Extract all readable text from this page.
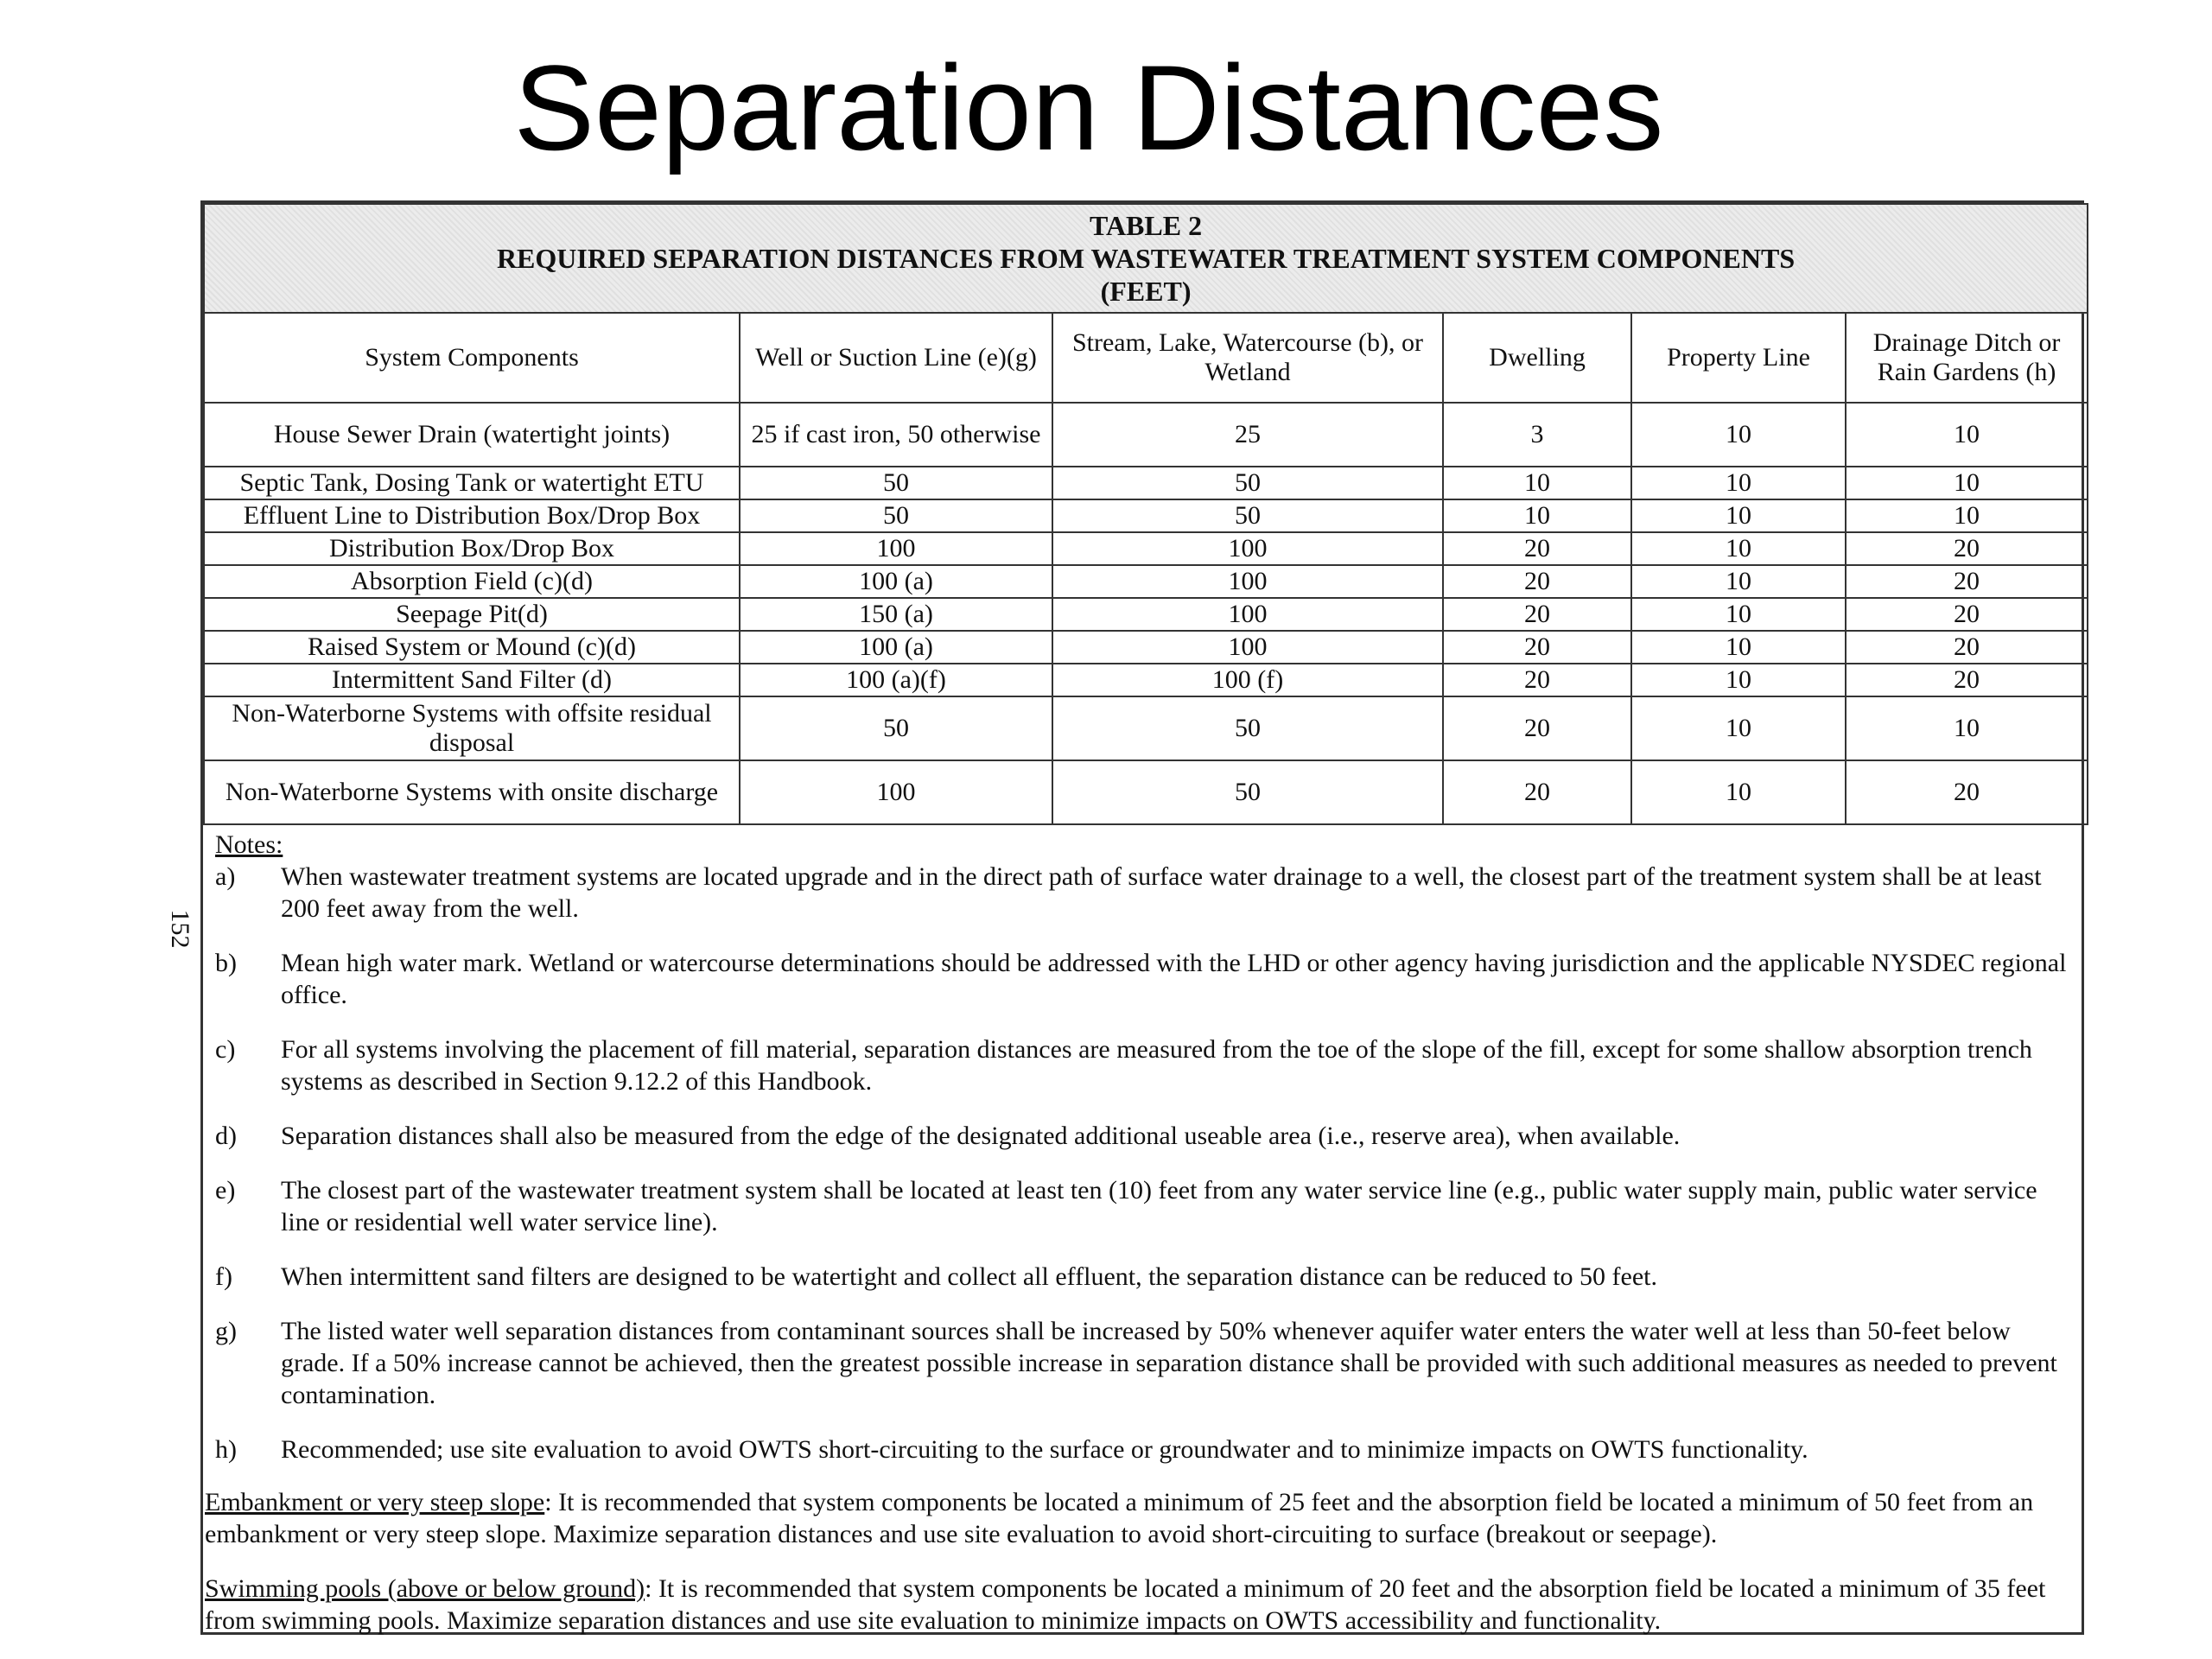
Separation Distances
152
TABLE 2
REQUIRED SEPARATION DISTANCES FROM WASTEWATER TREATMENT SYSTEM COMPONENTS
(FEET)					

System Components	Well or Suction Line (e)(g)	Stream, Lake, Watercourse (b), or Wetland	Dwelling	Property Line	Drainage Ditch or Rain Gardens (h)
House Sewer Drain (watertight joints)	25 if cast iron, 50 otherwise	25	3	10	10
Septic Tank, Dosing Tank or watertight ETU	50	50	10	10	10
Effluent Line to Distribution Box/Drop Box	50	50	10	10	10
Distribution Box/Drop Box	100	100	20	10	20
Absorption Field (c)(d)	100 (a)	100	20	10	20
Seepage Pit(d)	150 (a)	100	20	10	20
Raised System or Mound (c)(d)	100 (a)	100	20	10	20
Intermittent Sand Filter (d)	100 (a)(f)	100 (f)	20	10	20
Non-Waterborne Systems with offsite residual disposal	50	50	20	10	10
Non-Waterborne Systems with onsite discharge	100	50	20	10	20
Notes:
a)	When wastewater treatment systems are located upgrade and in the direct path of surface water drainage to a well, the closest part of the treatment system shall be at least 200 feet away from the well.
b)	Mean high water mark. Wetland or watercourse determinations should be addressed with the LHD or other agency having jurisdiction and the applicable NYSDEC regional office.
c)	For all systems involving the placement of fill material, separation distances are measured from the toe of the slope of the fill, except for some shallow absorption trench systems as described in Section 9.12.2 of this Handbook.
d)	Separation distances shall also be measured from the edge of the designated additional useable area (i.e., reserve area), when available.
e)	The closest part of the wastewater treatment system shall be located at least ten (10) feet from any water service line (e.g., public water supply main, public water service line or residential well water service line).
f)	When intermittent sand filters are designed to be watertight and collect all effluent, the separation distance can be reduced to 50 feet.
g)	The listed water well separation distances from contaminant sources shall be increased by 50% whenever aquifer water enters the water well at less than 50-feet below grade. If a 50% increase cannot be achieved, then the greatest possible increase in separation distance shall be provided with such additional measures as needed to prevent contamination.
h)	Recommended; use site evaluation to avoid OWTS short-circuiting to the surface or groundwater and to minimize impacts on OWTS functionality.
Embankment or very steep slope: It is recommended that system components be located a minimum of 25 feet and the absorption field be located a minimum of 50 feet from an embankment or very steep slope. Maximize separation distances and use site evaluation to avoid short-circuiting to surface (breakout or seepage).
Swimming pools (above or below ground): It is recommended that system components be located a minimum of 20 feet and the absorption field be located a minimum of 35 feet from swimming pools. Maximize separation distances and use site evaluation to minimize impacts on OWTS accessibility and functionality.
